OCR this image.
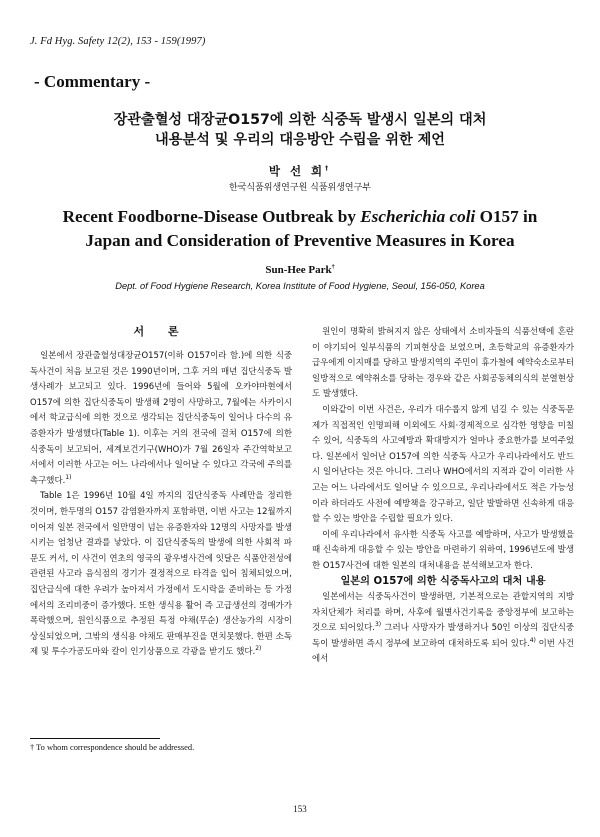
J. Fd Hyg. Safety 12(2), 153 - 159(1997)
- Commentary -
장관출혈성 대장균O157에 의한 식중독 발생시 일본의 대처
내용분석 및 우리의 대응방안 수립을 위한 제언
박 선 희†
한국식품위생연구원 식품위생연구부
Recent Foodborne-Disease Outbreak by Escherichia coli O157 in
Japan and Consideration of Preventive Measures in Korea
Sun-Hee Park†
Dept. of Food Hygiene Research, Korea Institute of Food Hygiene, Seoul, 156-050, Korea
서 론

일본에서 장관출혈성대장균O157(이하 O157이라 함.)에 의한 식중독사건이 처음 보고된 것은 1990년이며, 그후 거의 매년 집단식중독 발생사례가 보고되고 있다. 1996년에 들어와 5월에 오카야마현에서 O157에 의한 집단식중독이 발생해 2명이 사망하고, 7월에는 사카이시에서 학교급식에 의한 것으로 생각되는 집단식중독이 일어나 다수의 유증환자가 발생했다(Table 1). 이후는 거의 전국에 걸쳐 O157에 의한 식중독이 보고되어, 세계보건기구(WHO)가 7월 26일자 주간역학보고서에서 이러한 사고는 어느 나라에서나 일어날 수 있다고 각국에 주의를 촉구했다.$^{1)}$

Table 1은 1996년 10월 4일 까지의 집단식중독 사례만을 정리한 것이며, 한두명의 O157 감염환자까지 포함하면, 이번 사고는 12월까지 이어져 일본 전국에서 일만명이 넘는 유증환자와 12명의 사망자를 발생시키는 엄청난 결과를 낳았다. 이 집단식중독의 발생에 의한 사회적 파문도 커서, 이 사건이 연초의 영국의 광우병사건에 잇달은 식품안전성에 관련된 사고라 음식점의 경기가 결정적으로 타격을 입어 침체되었으며, 집단급식에 대한 우려가 높아져서 가정에서 도시락을 준비하는 등 가정에서의 조리비중이 증가했다. 또한 생식용 활어 즉 고급생선의 경매가가 폭락했으며, 원인식품으로 추정된 특정 야채(무순) 생산농가의 시장이 상실되었으며, 그밖의 생식용 야채도 판매부진을 면치못했다. 한편 소독제 및 투수가공도마와 칼이 인기상품으로 각광을 받기도 했다.$^{2)}$

원인이 명확히 밝혀지지 않은 상태에서 소비자들의 식품선택에 혼란이 야기되어 일부식품의 기피현상을 보였으며, 초등학교의 유증환자가 급우에게 이지매를 당하고 발생지역의 주민이 휴가철에 예약숙소로부터 일방적으로 예약취소를 당하는 경우와 같은 사회공동체의식의 분열현상도 발생했다.

이와같이 이번 사건은, 우리가 대수롭지 않게 넘길 수 있는 식중독문제가 직접적인 인명피해 이외에도 사회·경제적으로 심각한 영향을 미칠 수 있어, 식중독의 사고예방과 확대방지가 얼마나 중요한가를 보여주었다. 일본에서 일어난 O157에 의한 식중독 사고가 우리나라에서도 반드시 일어난다는 것은 아니다. 그러나 WHO에서의 지적과 같이 이러한 사고는 어느 나라에서도 일어날 수 있으므로, 우리나라에서도 적은 가능성이라 하더라도 사전에 예방책을 강구하고, 일단 발발하면 신속하게 대응할 수 있는 방안을 수립할 필요가 있다.

이에 우리나라에서 유사한 식중독 사고를 예방하며, 사고가 발생했을 때 신속하게 대응할 수 있는 방안을 마련하기 위하여, 1996년도에 발생한 O157사건에 대한 일본의 대처내용을 분석해보고자 한다.

일본의 O157에 의한 식중독사고의 대처 내용

일본에서는 식중독사건이 발생하면, 기본적으로는 관할지역의 지방자치단체가 처리를 하며, 사후에 월별사건기록을 중앙정부에 보고하는 것으로 되어있다.$^{3)}$ 그러나 사망자가 발생하거나 50인 이상의 집단식중독이 발생하면 즉시 정부에 보고하여 대처하도록 되어 있다.$^{4)}$ 이번 사건에서

† To whom correspondence should be addressed.
153
